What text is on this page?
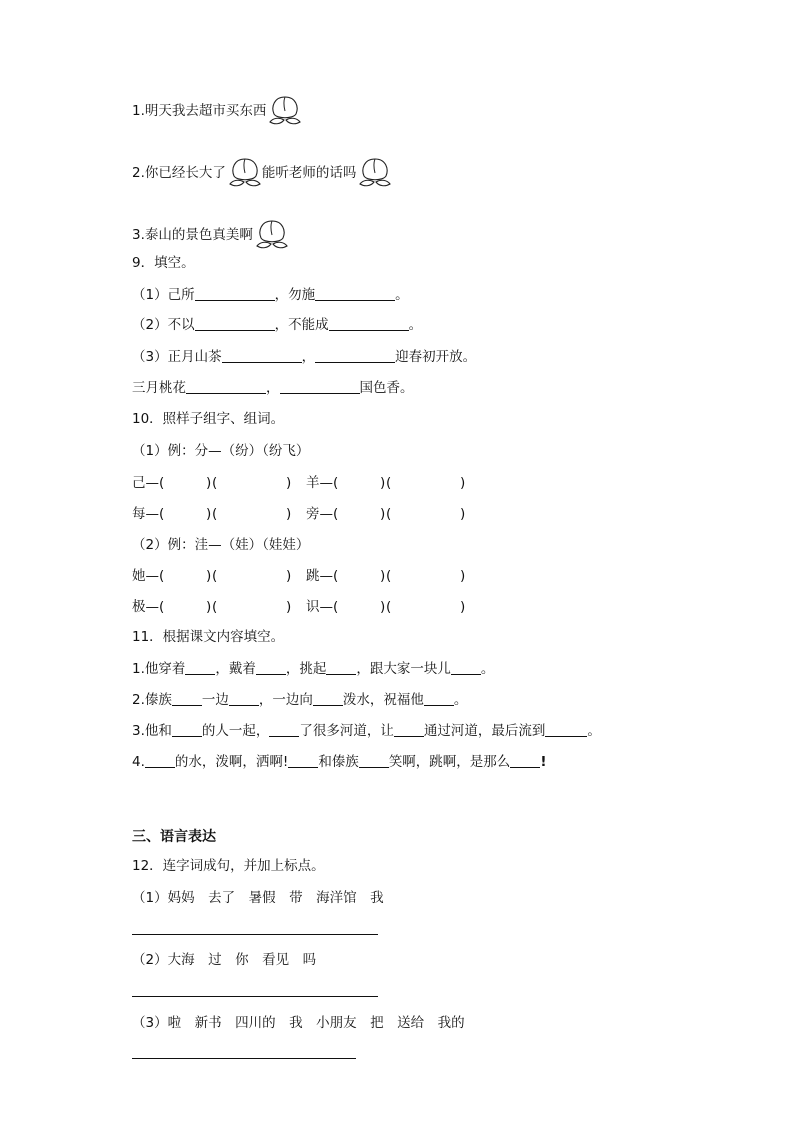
1.明天我去超市买东西
2.你已经长大了	能听老师的话吗
3.泰山的景色真美啊
9．填空。
（1）己所	，勿施	。
（2）不以	，不能成	。
（3）正月山茶	，	迎春初开放。
三月桃花	，	国色香。
10．照样子组字、组词。
（1）例：分—（纷）（纷飞）
己—(	) (	) 羊—(	) (	)
每—(	) (	) 旁—(	) (	)
（2）例：洼—（娃）（娃娃）
她—(	) (	) 跳—(	) (	)
极—(	) (	) 识—(	) (	)
11．根据课文内容填空。
1.他穿着 ，戴着 ，挑起 ，跟大家一块儿 。
2.傣族 一边 ，一边向 泼水，祝福他 。
3.他和 的人一起， 了很多河道，让 通过河道，最后流到	。
4. 的水，泼啊，洒啊! 和傣族 笑啊，跳啊，是那么 !
三、语言表达
12．连字词成句，并加上标点。
（1）妈妈　去了　暑假　带　海洋馆　我
（2）大海　过　你　看见　吗
（3）啦　新书　四川的　我　小朋友　把　送给　我的
